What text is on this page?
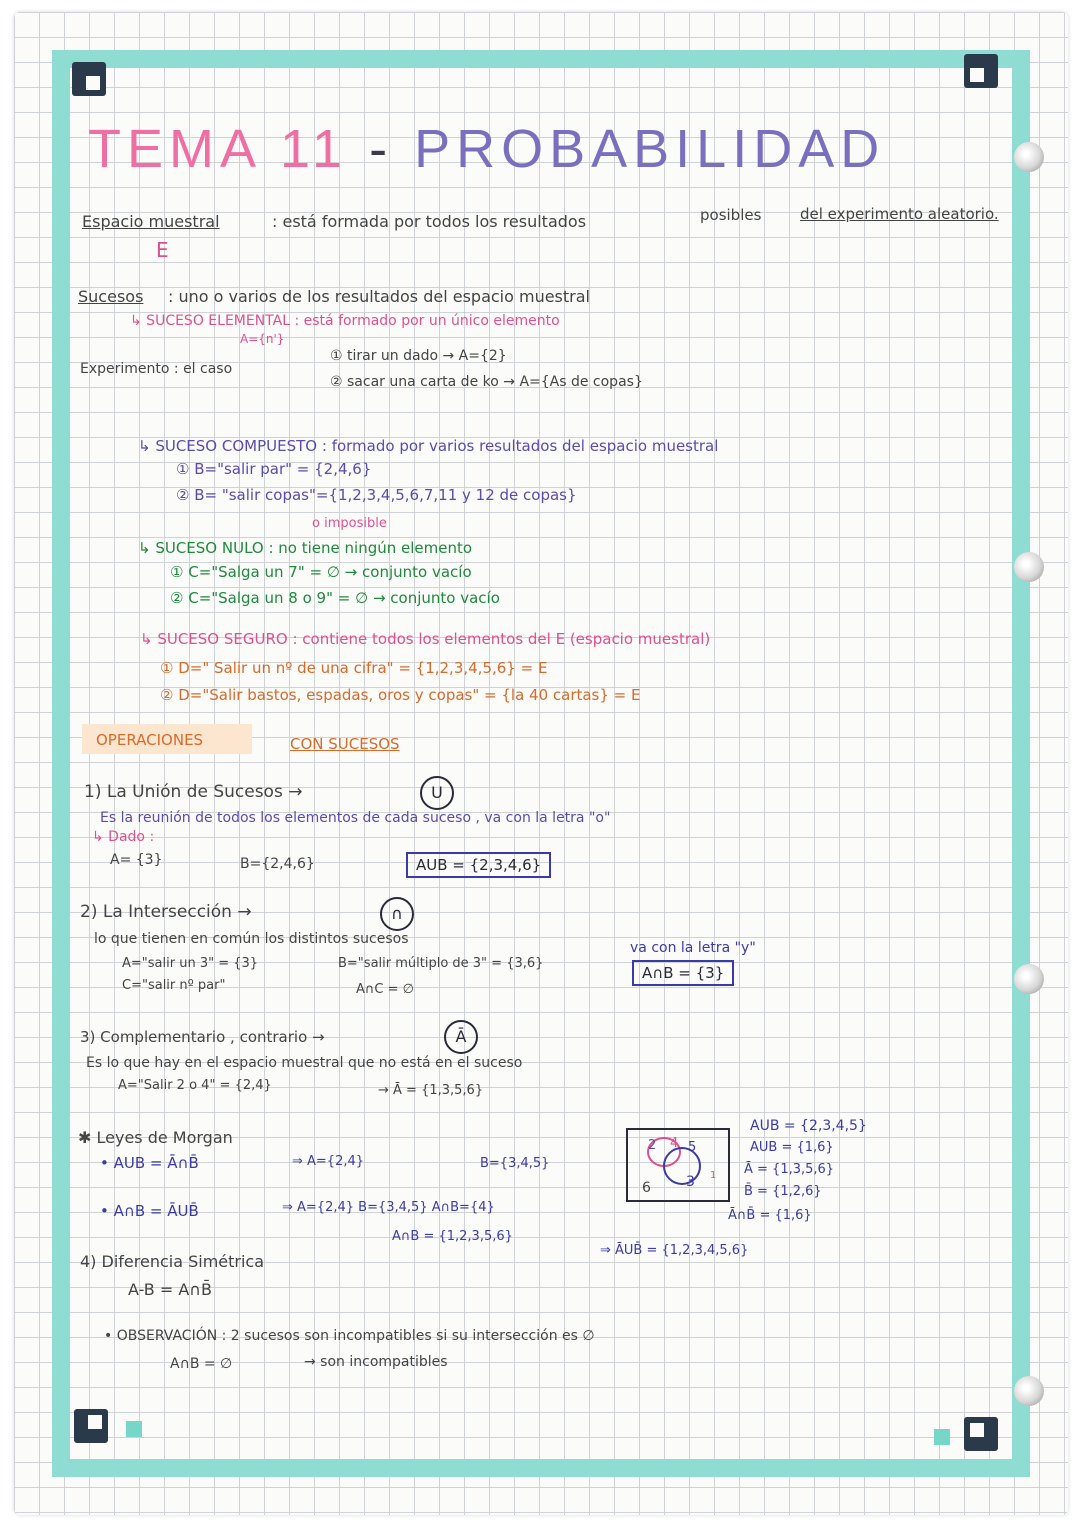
TEMA 11 - PROBABILIDAD
Espacio muestral	: está formada por todos los resultados	posibles	del experimento aleatorio.
E
Sucesos : uno o varios de los resultados del espacio muestral
↳ SUCESO ELEMENTAL : está formado por un único elemento
A={n'}
Experimento : el caso
① tirar un dado → A={2}
② sacar una carta de ko → A={As de copas}
↳ SUCESO COMPUESTO : formado por varios resultados del espacio muestral
① B="salir par" = {2,4,6}
② B= "salir copas"={1,2,3,4,5,6,7,11 y 12 de copas}
o imposible
↳ SUCESO NULO : no tiene ningún elemento
① C="Salga un 7" = ∅ → conjunto vacío
② C="Salga un 8 o 9" = ∅ → conjunto vacío
↳ SUCESO SEGURO : contiene todos los elementos del E (espacio muestral)
① D=" Salir un nº de una cifra" = {1,2,3,4,5,6} = E
② D="Salir bastos, espadas, oros y copas" = {la 40 cartas} = E
OPERACIONES	CON SUCESOS
1) La Unión de Sucesos →	U
Es la reunión de todos los elementos de cada suceso , va con la letra "o"
↳ Dado :
A= {3}	B={2,4,6}	AUB = {2,3,4,6}
2) La Intersección →	∩
lo que tienen en común los distintos sucesos
va con la letra "y"
A="salir un 3" = {3}	B="salir múltiplo de 3" = {3,6}
C="salir nº par"	A∩C = ∅
A∩B = {3}
3) Complementario , contrario →	Ā
Es lo que hay en el espacio muestral que no está en el suceso
A="Salir 2 o 4" = {2,4}	→ Ā = {1,3,5,6}
✱ Leyes de Morgan
• AUB = Ā∩B̄	⇒ A={2,4}	B={3,4,5}
• A∩B = ĀUB̄	⇒ A={2,4} B={3,4,5} A∩B={4}
A∩B = {1,2,3,5,6}
⇒ ĀUB̄ = {1,2,3,4,5,6}
2 4 5
6	3 1
AUB = {2,3,4,5}
AUB = {1,6}
Ā = {1,3,5,6}
B̄ = {1,2,6}
Ā∩B̄ = {1,6}
4) Diferencia Simétrica
A-B = A∩B̄
• OBSERVACIÓN : 2 sucesos son incompatibles si su intersección es ∅
A∩B = ∅	→ son incompatibles
